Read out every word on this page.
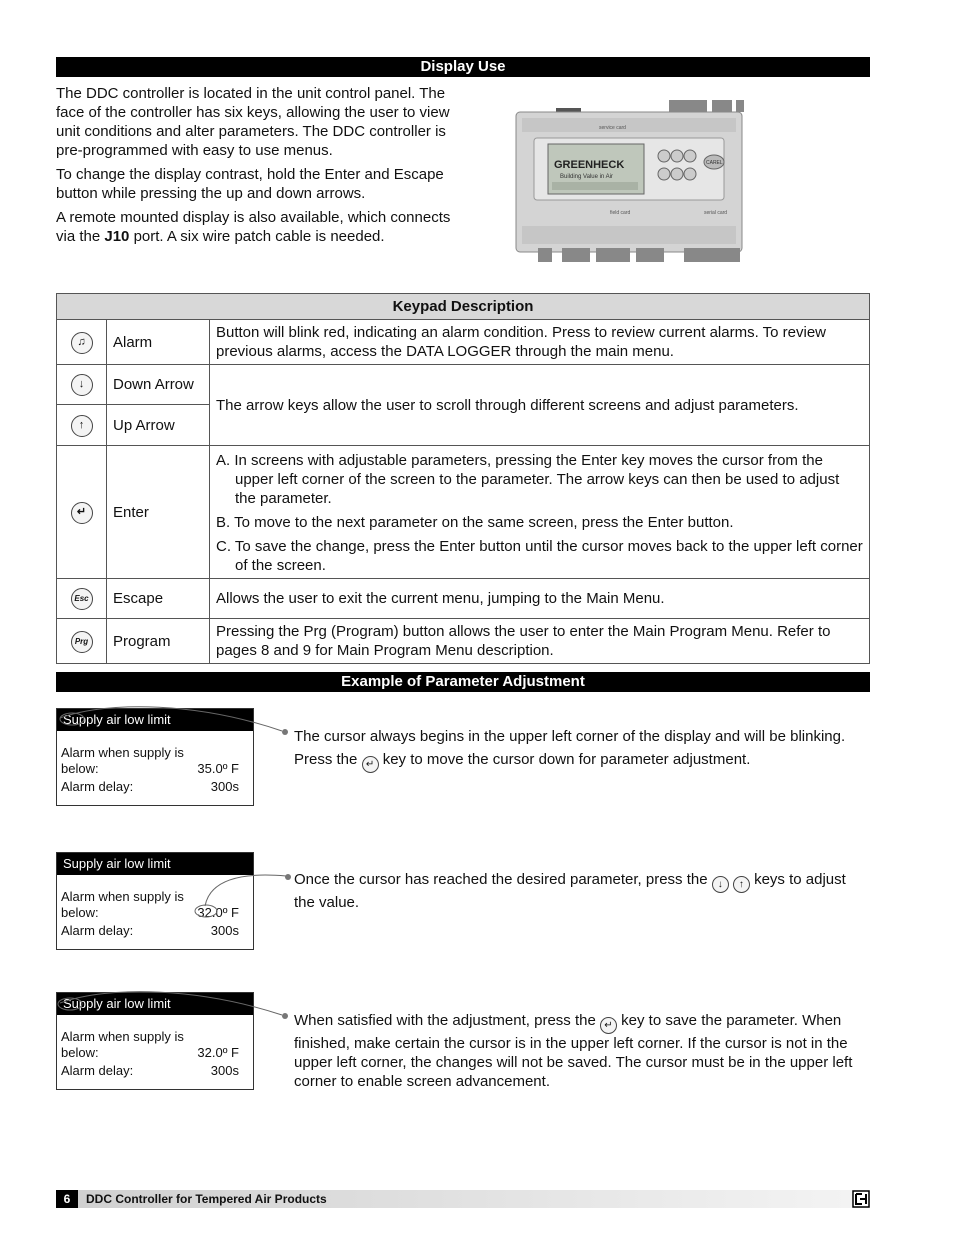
Display Use

The DDC controller is located in the unit control panel. The face of the controller has six keys, allowing the user to view unit conditions and alter parameters. The DDC controller is pre-programmed with easy to use menus.

To change the display contrast, hold the Enter and Escape button while pressing the up and down arrows.

A remote mounted display is also available, which connects via the J10 port. A six wire patch cable is needed.

service card
GREENHECK
Building Value in Air
CAREL
field card	serial card
Keypad Description		
♫	Alarm	Button will blink red, indicating an alarm condition. Press to review current alarms. To review previous alarms, access the DATA LOGGER through the main menu.
↓	Down Arrow	The arrow keys allow the user to scroll through different screens and adjust parameters.
↑	Up Arrow	
↵	Enter	A. In screens with adjustable parameters, pressing the Enter key moves the cursor from the upper left corner of the screen to the parameter. The arrow keys can then be used to adjust the parameter.
B. To move to the next parameter on the same screen, press the Enter button.
C. To save the change, press the Enter button until the cursor moves back to the upper left corner of the screen.

Esc	Escape	Allows the user to exit the current menu, jumping to the Main Menu.
Prg	Program	Pressing the Prg (Program) button allows the user to enter the Main Program Menu. Refer to pages 8 and 9 for Main Program Menu description.
Example of Parameter Adjustment
Supply air low limit
Alarm when supply is
below:	35.0º F
Alarm delay:	300s
The cursor always begins in the upper left corner of the display and will be blinking. Press the ↵ key to move the cursor down for parameter adjustment.
Supply air low limit
Alarm when supply is
below:	32.0º F
Alarm delay:	300s
Once the cursor has reached the desired parameter, press the ↓ ↑ keys to adjust the value.
Supply air low limit
Alarm when supply is
below:	32.0º F
Alarm delay:	300s
When satisfied with the adjustment, press the ↵ key to save the parameter. When finished, make certain the cursor is in the upper left corner. If the cursor is not in the upper left corner, the changes will not be saved. The cursor must be in the upper left corner to enable screen advancement.
6 DDC Controller for Tempered Air Products
